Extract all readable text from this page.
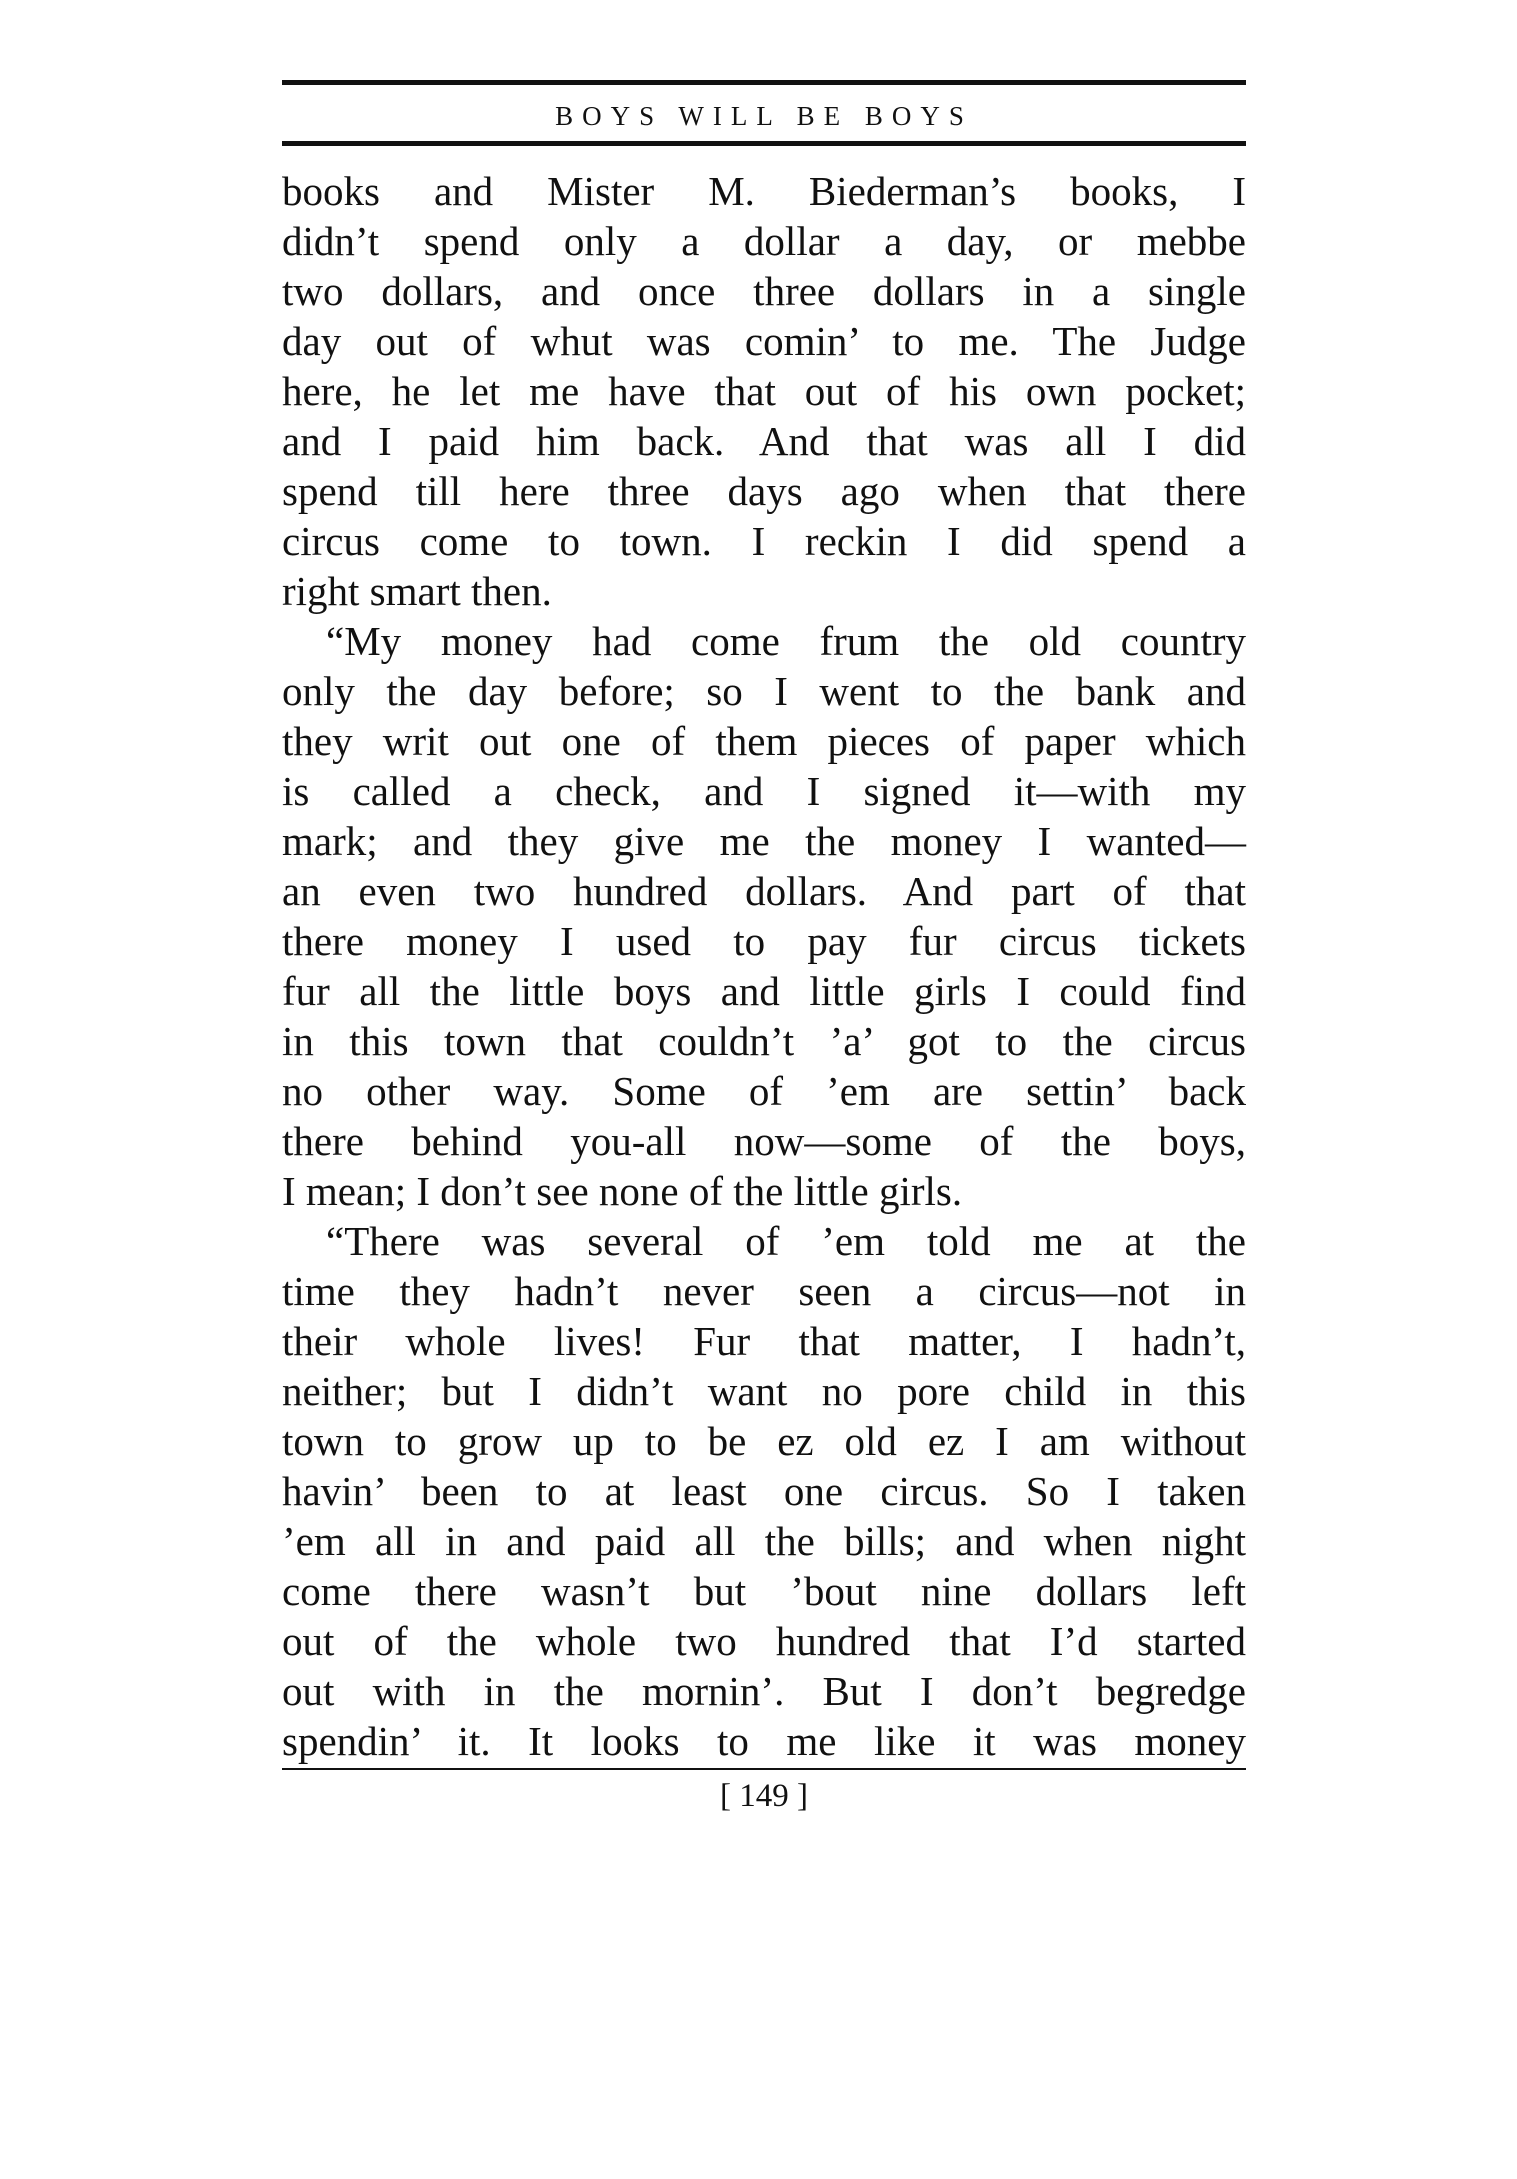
BOYS WILL BE BOYS
books and Mister M. Biederman’s books, I
didn’t spend only a dollar a day, or mebbe
two dollars, and once three dollars in a single
day out of whut was comin’ to me. The Judge
here, he let me have that out of his own pocket;
and I paid him back. And that was all I did
spend till here three days ago when that there
circus come to town. I reckin I did spend a
right smart then.
“My money had come frum the old country
only the day before; so I went to the bank and
they writ out one of them pieces of paper which
is called a check, and I signed it—with my
mark; and they give me the money I wanted—
an even two hundred dollars. And part of that
there money I used to pay fur circus tickets
fur all the little boys and little girls I could find
in this town that couldn’t ’a’ got to the circus
no other way. Some of ’em are settin’ back
there behind you-all now—some of the boys,
I mean; I don’t see none of the little girls.
“There was several of ’em told me at the
time they hadn’t never seen a circus—not in
their whole lives! Fur that matter, I hadn’t,
neither; but I didn’t want no pore child in this
town to grow up to be ez old ez I am without
havin’ been to at least one circus. So I taken
’em all in and paid all the bills; and when night
come there wasn’t but ’bout nine dollars left
out of the whole two hundred that I’d started
out with in the mornin’. But I don’t begredge
spendin’ it. It looks to me like it was money
[ 149 ]
